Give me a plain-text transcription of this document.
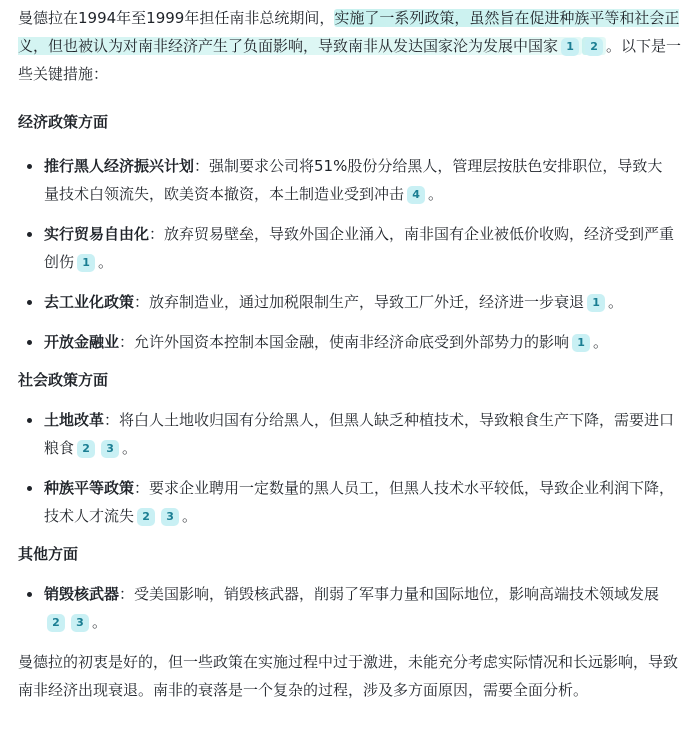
曼德拉在1994年至1999年担任南非总统期间，实施了一系列政策，虽然旨在促进种族平等和社会正义，但也被认为对南非经济产生了负面影响，导致南非从发达国家沦为发展中国家 1 2 。以下是一些关键措施：

经济政策方面
推行黑人经济振兴计划：强制要求公司将51%股份分给黑人，管理层按肤色安排职位，导致大量技术白领流失，欧美资本撤资，本土制造业受到冲击 4 。
实行贸易自由化：放弃贸易壁垒，导致外国企业涌入，南非国有企业被低价收购，经济受到严重创伤 1 。
去工业化政策：放弃制造业，通过加税限制生产，导致工厂外迁，经济进一步衰退 1 。
开放金融业：允许外国资本控制本国金融，使南非经济命底受到外部势力的影响 1 。
社会政策方面
土地改革：将白人土地收归国有分给黑人，但黑人缺乏种植技术，导致粮食生产下降，需要进口粮食 2 3 。
种族平等政策：要求企业聘用一定数量的黑人员工，但黑人技术水平较低，导致企业利润下降，技术人才流失 2 3 。
其他方面
销毁核武器：受美国影响，销毁核武器，削弱了军事力量和国际地位，影响高端技术领域发展2 3 。

曼德拉的初衷是好的，但一些政策在实施过程中过于激进，未能充分考虑实际情况和长远影响，导致南非经济出现衰退。南非的衰落是一个复杂的过程，涉及多方面原因，需要全面分析。
